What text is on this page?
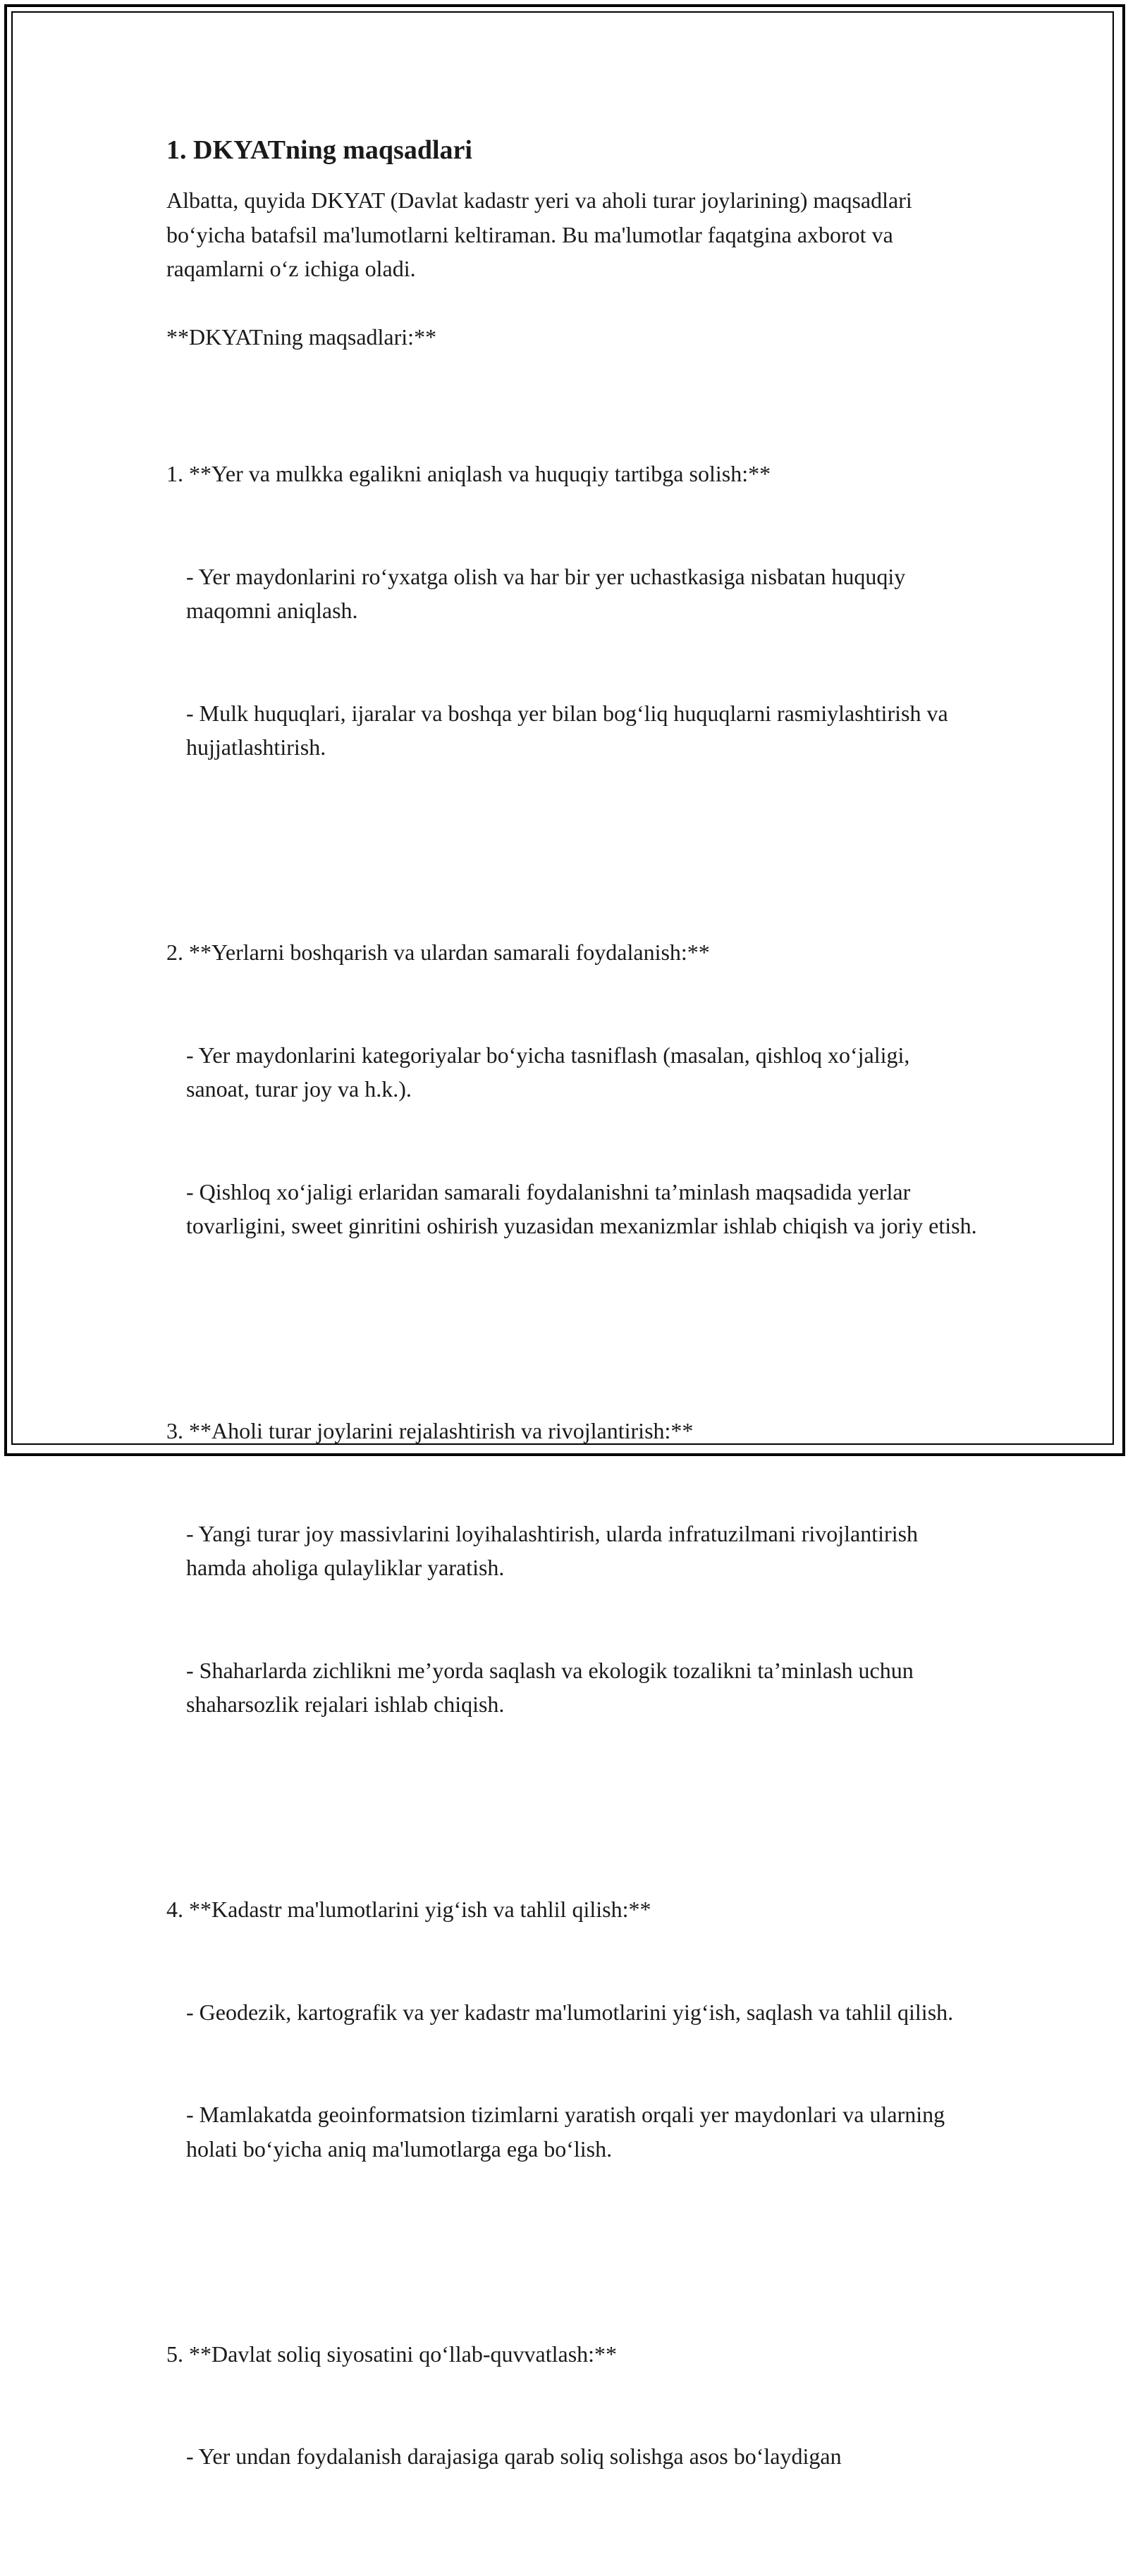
1. DKYATning maqsadlari

Albatta, quyida DKYAT (Davlat kadastr yeri va aholi turar joylarining) maqsadlari bo‘yicha batafsil ma'lumotlarni keltiraman. Bu ma'lumotlar faqatgina axborot va raqamlarni o‘z ichiga oladi.

**DKYATning maqsadlari:**

1. **Yer va mulkka egalikni aniqlash va huquqiy tartibga solish:**

- Yer maydonlarini ro‘yxatga olish va har bir yer uchastkasiga nisbatan huquqiy maqomni aniqlash.

- Mulk huquqlari, ijaralar va boshqa yer bilan bog‘liq huquqlarni rasmiylashtirish va hujjatlashtirish.

2. **Yerlarni boshqarish va ulardan samarali foydalanish:**

- Yer maydonlarini kategoriyalar bo‘yicha tasniflash (masalan, qishloq xo‘jaligi, sanoat, turar joy va h.k.).

- Qishloq xo‘jaligi erlaridan samarali foydalanishni ta’minlash maqsadida yerlar tovarligini, sweet ginritini oshirish yuzasidan mexanizmlar ishlab chiqish va joriy etish.

3. **Aholi turar joylarini rejalashtirish va rivojlantirish:**

- Yangi turar joy massivlarini loyihalashtirish, ularda infratuzilmani rivojlantirish hamda aholiga qulayliklar yaratish.

- Shaharlarda zichlikni me’yorda saqlash va ekologik tozalikni ta’minlash uchun shaharsozlik rejalari ishlab chiqish.

4. **Kadastr ma'lumotlarini yig‘ish va tahlil qilish:**

- Geodezik, kartografik va yer kadastr ma'lumotlarini yig‘ish, saqlash va tahlil qilish.

- Mamlakatda geoinformatsion tizimlarni yaratish orqali yer maydonlari va ularning holati bo‘yicha aniq ma'lumotlarga ega bo‘lish.

5. **Davlat soliq siyosatini qo‘llab-quvvatlash:**

- Yer undan foydalanish darajasiga qarab soliq solishga asos bo‘laydigan
